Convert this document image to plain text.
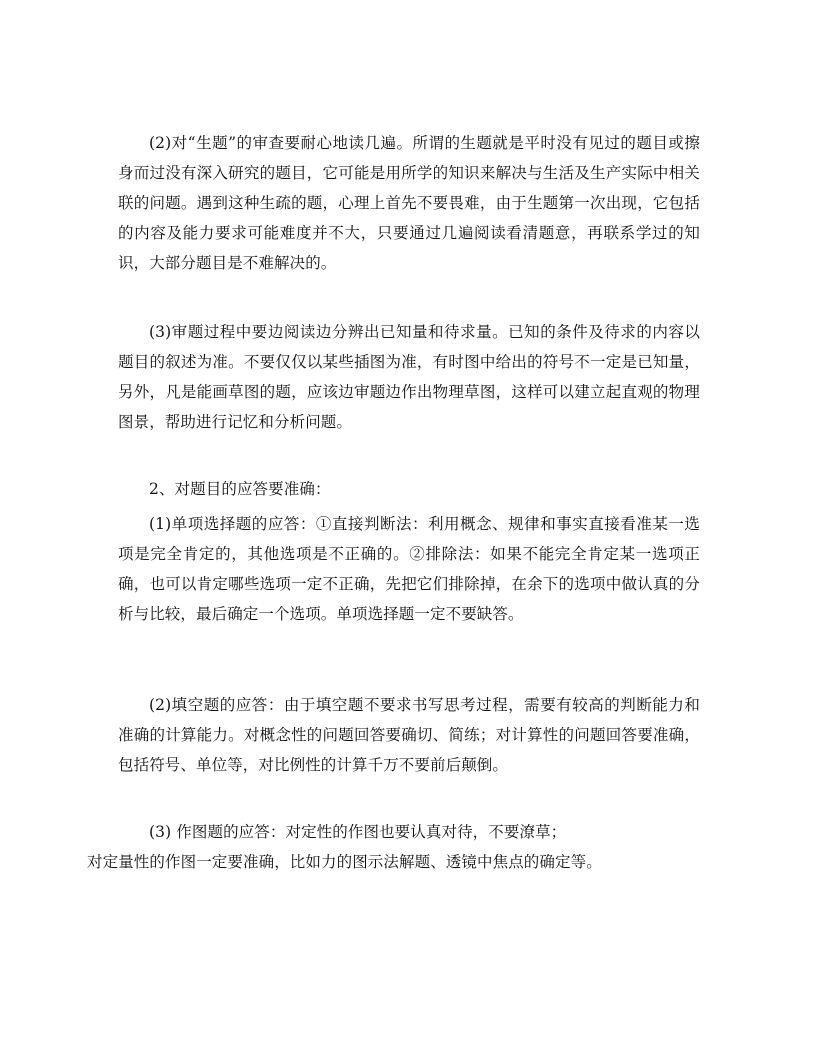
(2)对“生题”的审查要耐心地读几遍。所谓的生题就是平时没有见过的题目或擦身而过没有深入研究的题目，它可能是用所学的知识来解决与生活及生产实际中相关联的问题。遇到这种生疏的题，心理上首先不要畏难，由于生题第一次出现，它包括的内容及能力要求可能难度并不大，只要通过几遍阅读看清题意，再联系学过的知识，大部分题目是不难解决的。

(3)审题过程中要边阅读边分辨出已知量和待求量。已知的条件及待求的内容以题目的叙述为准。不要仅仅以某些插图为准，有时图中给出的符号不一定是已知量，另外，凡是能画草图的题，应该边审题边作出物理草图，这样可以建立起直观的物理图景，帮助进行记忆和分析问题。

2、对题目的应答要准确：

(1)单项选择题的应答：①直接判断法：利用概念、规律和事实直接看准某一选项是完全肯定的，其他选项是不正确的。②排除法：如果不能完全肯定某一选项正确，也可以肯定哪些选项一定不正确，先把它们排除掉，在余下的选项中做认真的分析与比较，最后确定一个选项。单项选择题一定不要缺答。

(2)填空题的应答：由于填空题不要求书写思考过程，需要有较高的判断能力和准确的计算能力。对概念性的问题回答要确切、简练；对计算性的问题回答要准确，包括符号、单位等，对比例性的计算千万不要前后颠倒。

(3) 作图题的应答：对定性的作图也要认真对待，不要潦草；
对定量性的作图一定要准确，比如力的图示法解题、透镜中焦点的确定等。
